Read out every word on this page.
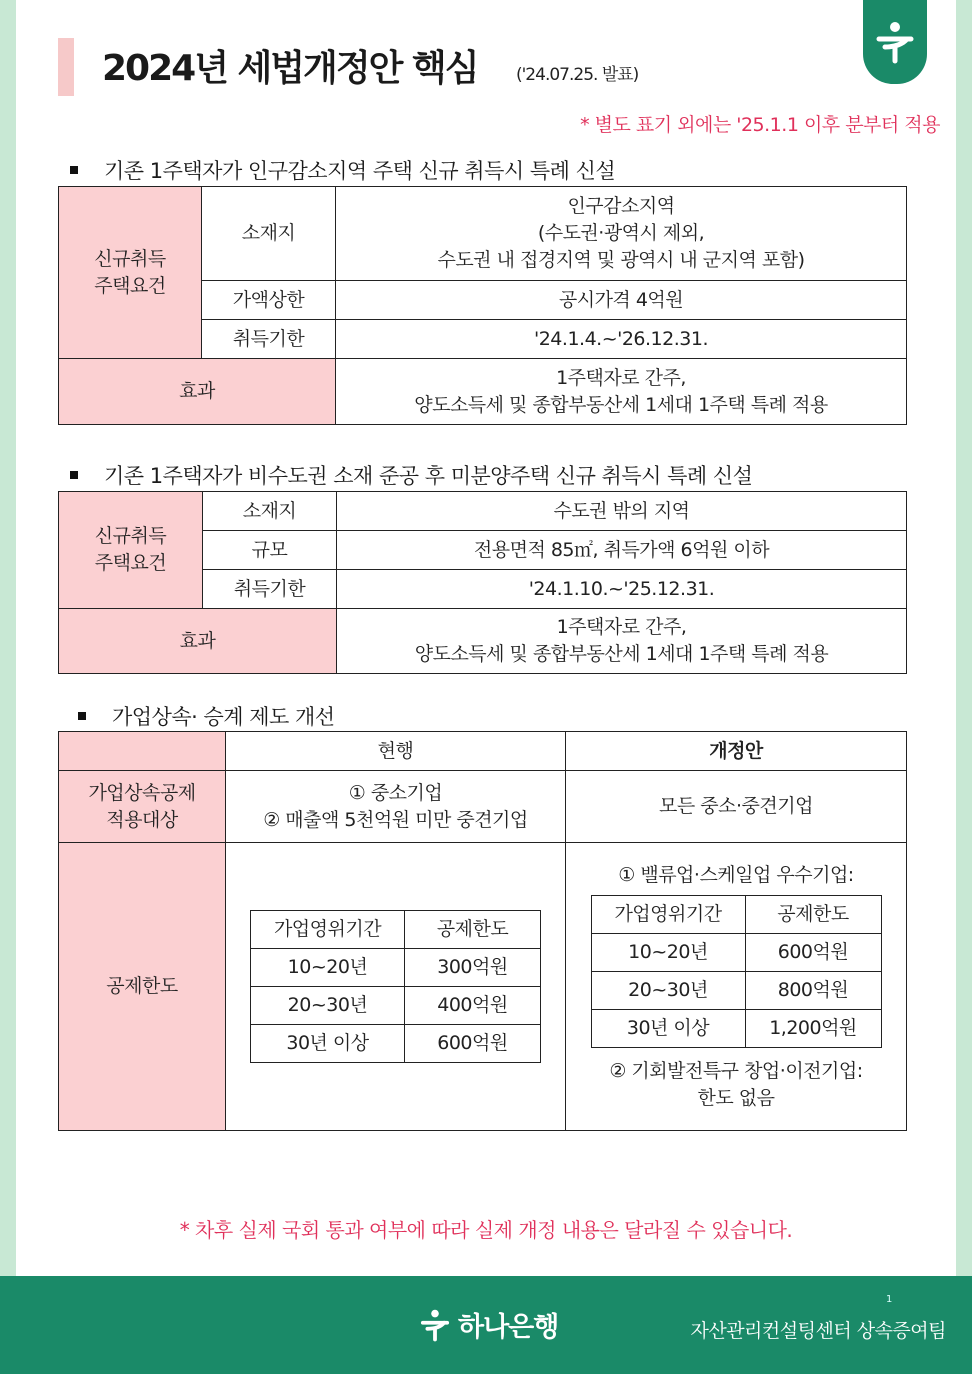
2024년 세법개정안 핵심 ('24.07.25. 발표)
* 별도 표기 외에는 '25.1.1 이후 분부터 적용
기존 1주택자가 인구감소지역 주택 신규 취득시 특례 신설
신규취득
주택요건	소재지	인구감소지역
(수도권·광역시 제외,
수도권 내 접경지역 및 광역시 내 군지역 포함)
	가액상한	공시가격 4억원
	취득기한	'24.1.4.~'26.12.31.
효과		1주택자로 간주,
양도소득세 및 종합부동산세 1세대 1주택 특례 적용
기존 1주택자가 비수도권 소재 준공 후 미분양주택 신규 취득시 특례 신설
신규취득
주택요건	소재지	수도권 밖의 지역
	규모	전용면적 85㎡, 취득가액 6억원 이하
	취득기한	'24.1.10.~'25.12.31.
효과		1주택자로 간주,
양도소득세 및 종합부동산세 1세대 1주택 특례 적용
가업상속· 승계 제도 개선
	현행	개정안
가업상속공제
적용대상	① 중소기업
② 매출액 5천억원 미만 중견기업	모든 중소·중견기업
공제한도	
가업영위기간	공제한도
10~20년	300억원
20~30년	400억원
30년 이상	600억원

① 밸류업·스케일업 우수기업:
가업영위기간	공제한도
10~20년	600억원
20~30년	800억원
30년 이상	1,200억원
② 기회발전특구 창업·이전기업:
한도 없음
* 차후 실제 국회 통과 여부에 따라 실제 개정 내용은 달라질 수 있습니다.
1
하나은행	자산관리컨설팅센터 상속증여팀
